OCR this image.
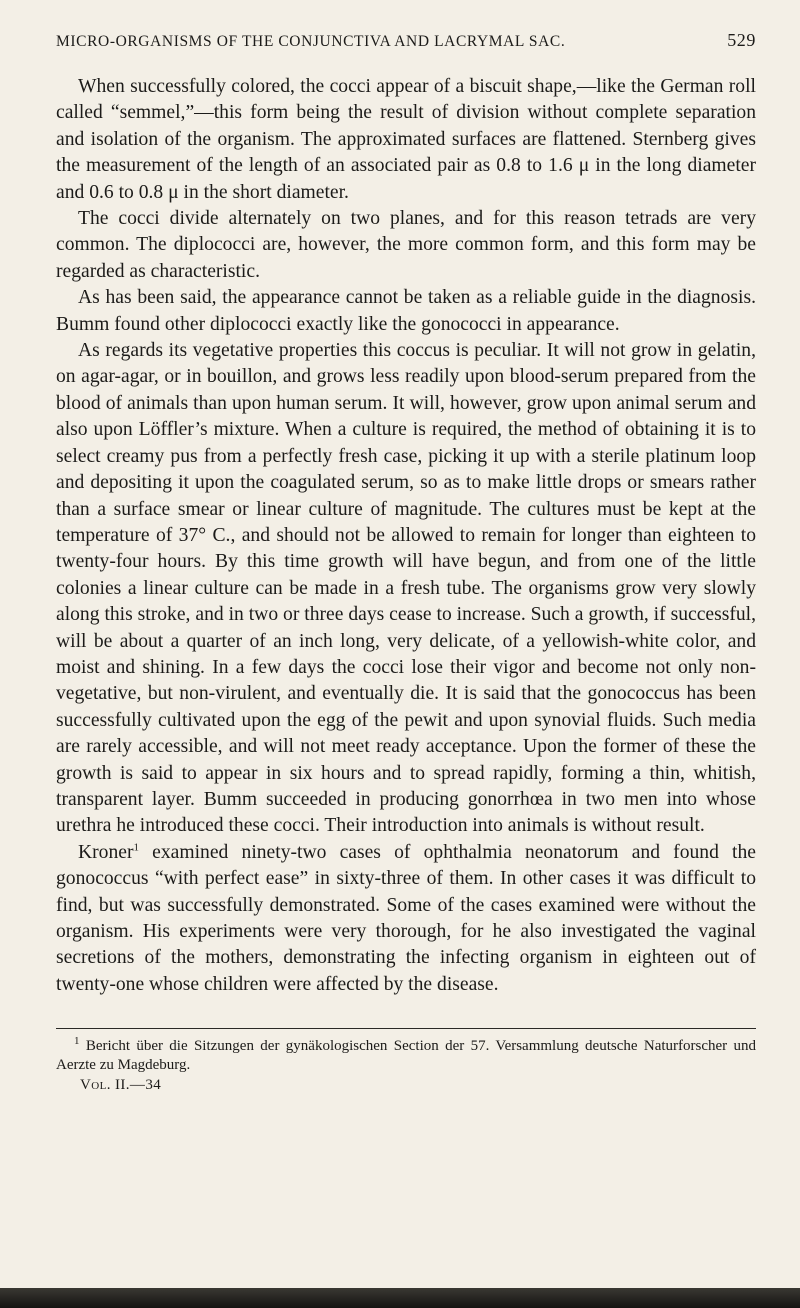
MICRO-ORGANISMS OF THE CONJUNCTIVA AND LACRYMAL SAC.	529

When successfully colored, the cocci appear of a biscuit shape,—like the German roll called “semmel,”—this form being the result of division without complete separation and isolation of the organism. The approximated surfaces are flattened. Sternberg gives the measurement of the length of an associated pair as 0.8 to 1.6 μ in the long diameter and 0.6 to 0.8 μ in the short diameter.

The cocci divide alternately on two planes, and for this reason tetrads are very common. The diplococci are, however, the more common form, and this form may be regarded as characteristic.

As has been said, the appearance cannot be taken as a reliable guide in the diagnosis. Bumm found other diplococci exactly like the gonococci in appearance.

As regards its vegetative properties this coccus is peculiar. It will not grow in gelatin, on agar-agar, or in bouillon, and grows less readily upon blood-serum prepared from the blood of animals than upon human serum. It will, however, grow upon animal serum and also upon Löffler’s mixture. When a culture is required, the method of obtaining it is to select creamy pus from a perfectly fresh case, picking it up with a sterile platinum loop and depositing it upon the coagulated serum, so as to make little drops or smears rather than a surface smear or linear culture of magnitude. The cultures must be kept at the temperature of 37° C., and should not be allowed to remain for longer than eighteen to twenty-four hours. By this time growth will have begun, and from one of the little colonies a linear culture can be made in a fresh tube. The organisms grow very slowly along this stroke, and in two or three days cease to increase. Such a growth, if successful, will be about a quarter of an inch long, very delicate, of a yellowish-white color, and moist and shining. In a few days the cocci lose their vigor and become not only non-vegetative, but non-virulent, and eventually die. It is said that the gonococcus has been successfully cultivated upon the egg of the pewit and upon synovial fluids. Such media are rarely accessible, and will not meet ready acceptance. Upon the former of these the growth is said to appear in six hours and to spread rapidly, forming a thin, whitish, transparent layer. Bumm succeeded in producing gonorrhœa in two men into whose urethra he introduced these cocci. Their introduction into animals is without result.

Kroner$^1$ examined ninety-two cases of ophthalmia neonatorum and found the gonococcus “with perfect ease” in sixty-three of them. In other cases it was difficult to find, but was successfully demonstrated. Some of the cases examined were without the organism. His experiments were very thorough, for he also investigated the vaginal secretions of the mothers, demonstrating the infecting organism in eighteen out of twenty-one whose children were affected by the disease.

$^1$ Bericht über die Sitzungen der gynäkologischen Section der 57. Versammlung deutsche Naturforscher und Aerzte zu Magdeburg.

Vol. II.—34
